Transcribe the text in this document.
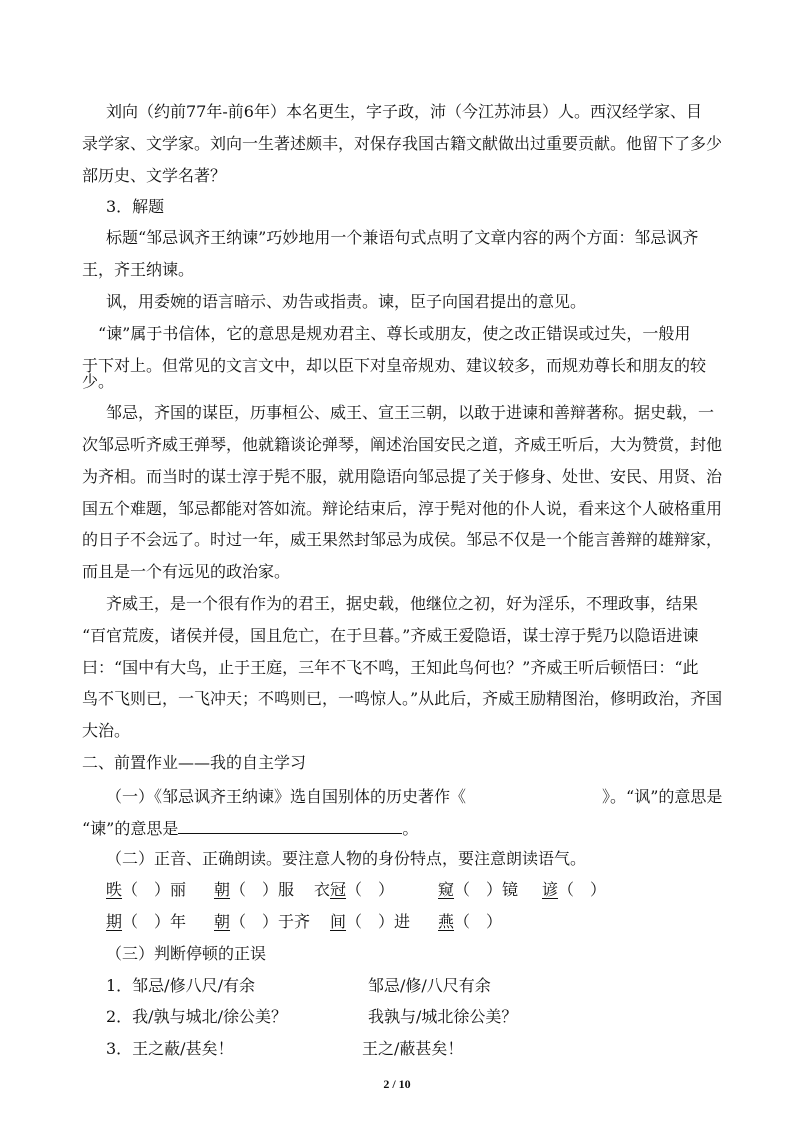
刘向（约前77年-前6年）本名更生，字子政，沛（今江苏沛县）人。西汉经学家、目
录学家、文学家。刘向一生著述颇丰，对保存我国古籍文献做出过重要贡献。他留下了多少
部历史、文学名著？
3．解题
标题“邹忌讽齐王纳谏”巧妙地用一个兼语句式点明了文章内容的两个方面：邹忌讽齐
王，齐王纳谏。
讽，用委婉的语言暗示、劝告或指责。谏，臣子向国君提出的意见。
“谏”属于书信体，它的意思是规劝君主、尊长或朋友，使之改正错误或过失，一般用
于下对上。但常见的文言文中，却以臣下对皇帝规劝、建议较多，而规劝尊长和朋友的较
少。
邹忌，齐国的谋臣，历事桓公、威王、宣王三朝，以敢于进谏和善辩著称。据史载，一
次邹忌听齐威王弹琴，他就籍谈论弹琴，阐述治国安民之道，齐威王听后，大为赞赏，封他
为齐相。而当时的谋士淳于髡不服，就用隐语向邹忌提了关于修身、处世、安民、用贤、治
国五个难题，邹忌都能对答如流。辩论结束后，淳于髡对他的仆人说，看来这个人破格重用
的日子不会远了。时过一年，威王果然封邹忌为成侯。邹忌不仅是一个能言善辩的雄辩家，
而且是一个有远见的政治家。
齐威王，是一个很有作为的君王，据史载，他继位之初，好为淫乐，不理政事，结果
“百官荒废，诸侯并侵，国且危亡，在于旦暮。”齐威王爱隐语，谋士淳于髡乃以隐语进谏
曰：“国中有大鸟，止于王庭，三年不飞不鸣，王知此鸟何也？”齐威王听后顿悟曰：“此
鸟不飞则已，一飞冲天；不鸣则已，一鸣惊人。”从此后，齐威王励精图治，修明政治，齐国
大治。
二、前置作业——我的自主学习
（一）《邹忌讽齐王纳谏》选自国别体的历史著作《	》。“讽”的意思是
“谏”的意思是	。
（二）正音、正确朗读。要注意人物的身份特点，要注意朗读语气。
昳（　）丽 朝（　）服 衣冠（　）	窥（　）镜 谚（　）
期（　）年 朝（　）于齐 间（　）进 燕（　）
（三）判断停顿的正误
1．邹忌/修八尺/有余	邹忌/修/八尺有余
2．我/孰与城北/徐公美？	我孰与/城北徐公美？
3．王之蔽/甚矣！	王之/蔽甚矣！
2 / 10
